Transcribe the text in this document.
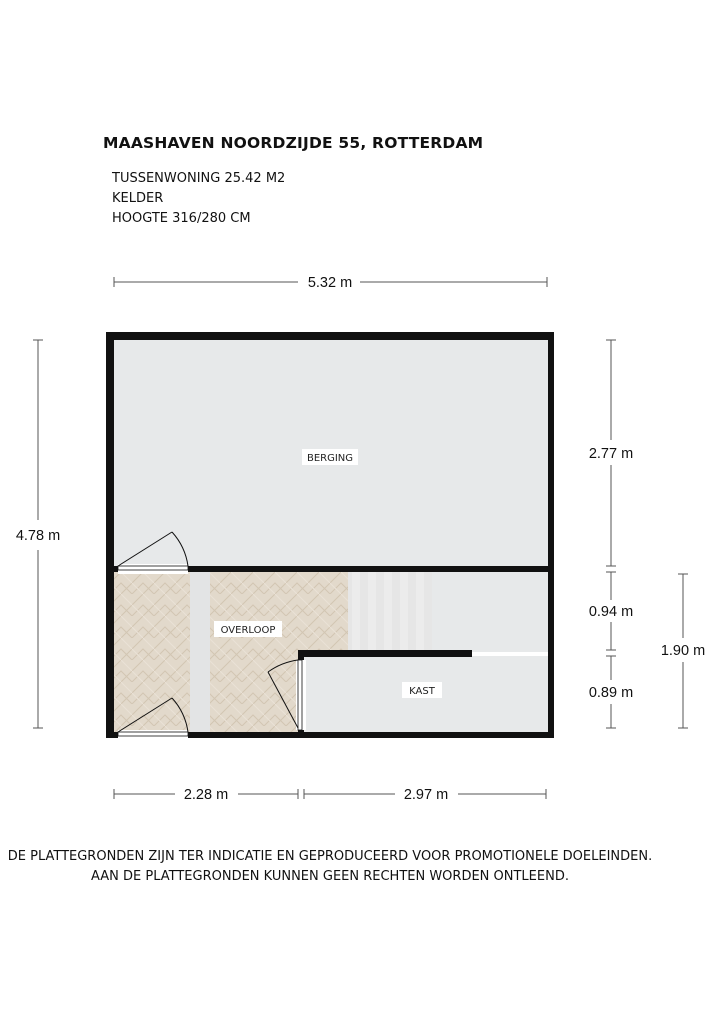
MAASHAVEN NOORDZIJDE 55, ROTTERDAM
TUSSENWONING 25.42 M2
KELDER
HOOGTE 316/280 CM
BERGING
OVERLOOP
KAST
5.32 m
4.78 m
2.77 m
0.94 m
0.89 m
1.90 m
2.28 m	2.97 m
DE PLATTEGRONDEN ZIJN TER INDICATIE EN GEPRODUCEERD VOOR PROMOTIONELE DOELEINDEN.
AAN DE PLATTEGRONDEN KUNNEN GEEN RECHTEN WORDEN ONTLEEND.
